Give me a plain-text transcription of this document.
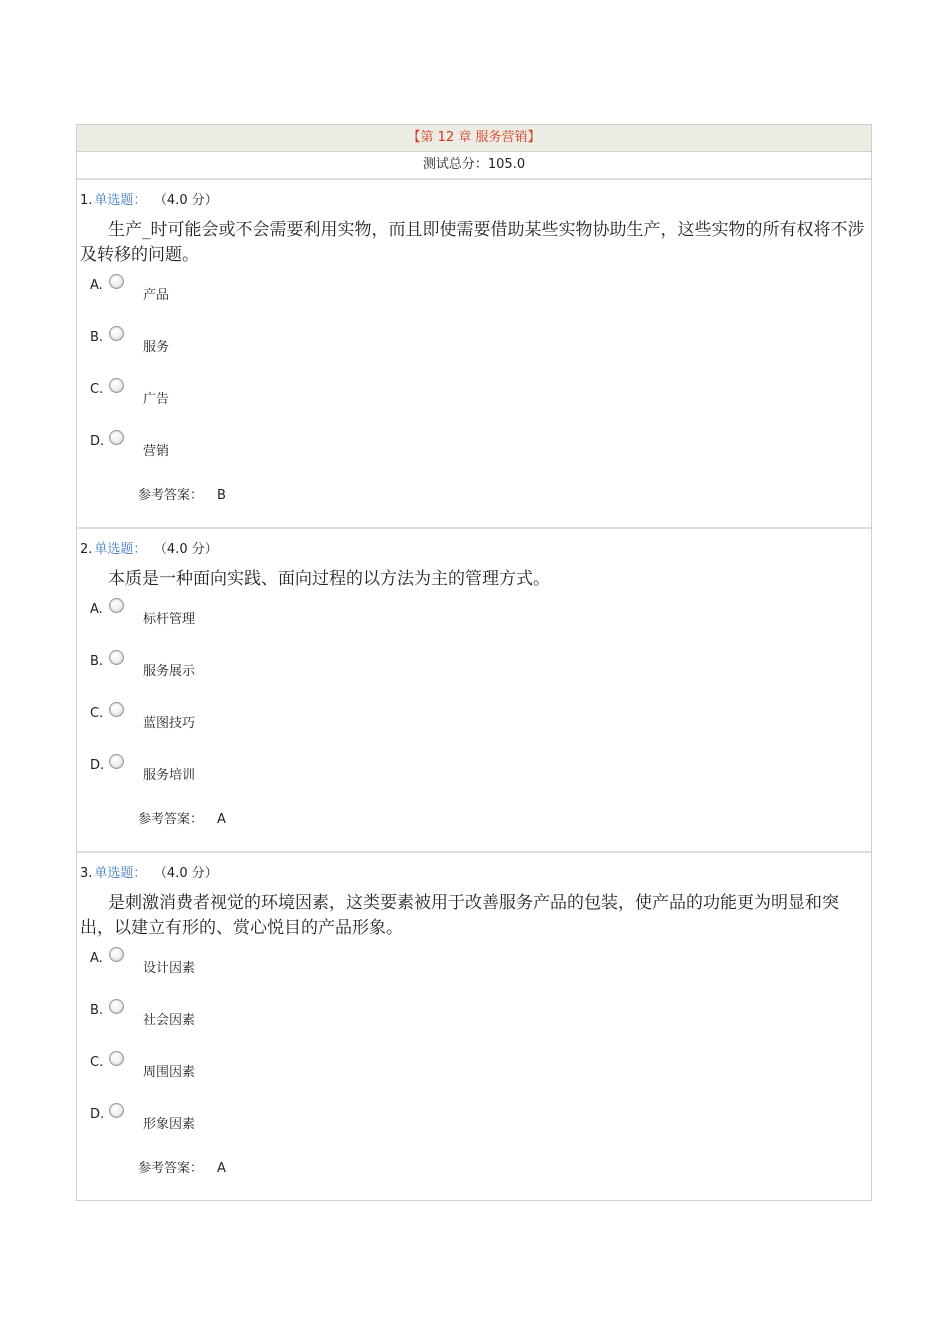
【第 12 章 服务营销】
测试总分：105.0
1. 单选题： （4.0 分）
生产_时可能会或不会需要利用实物，而且即使需要借助某些实物协助生产，这些实物的所有权将不涉及转移的问题。
A.
产品
B.
服务
C.
广告
D.
营销
参考答案： B
2. 单选题： （4.0 分）
本质是一种面向实践、面向过程的以方法为主的管理方式。
A.
标杆管理
B.
服务展示
C.
蓝图技巧
D.
服务培训
参考答案： A
3. 单选题： （4.0 分）
是刺激消费者视觉的环境因素，这类要素被用于改善服务产品的包装，使产品的功能更为明显和突出，以建立有形的、赏心悦目的产品形象。
A.
设计因素
B.
社会因素
C.
周围因素
D.
形象因素
参考答案： A
